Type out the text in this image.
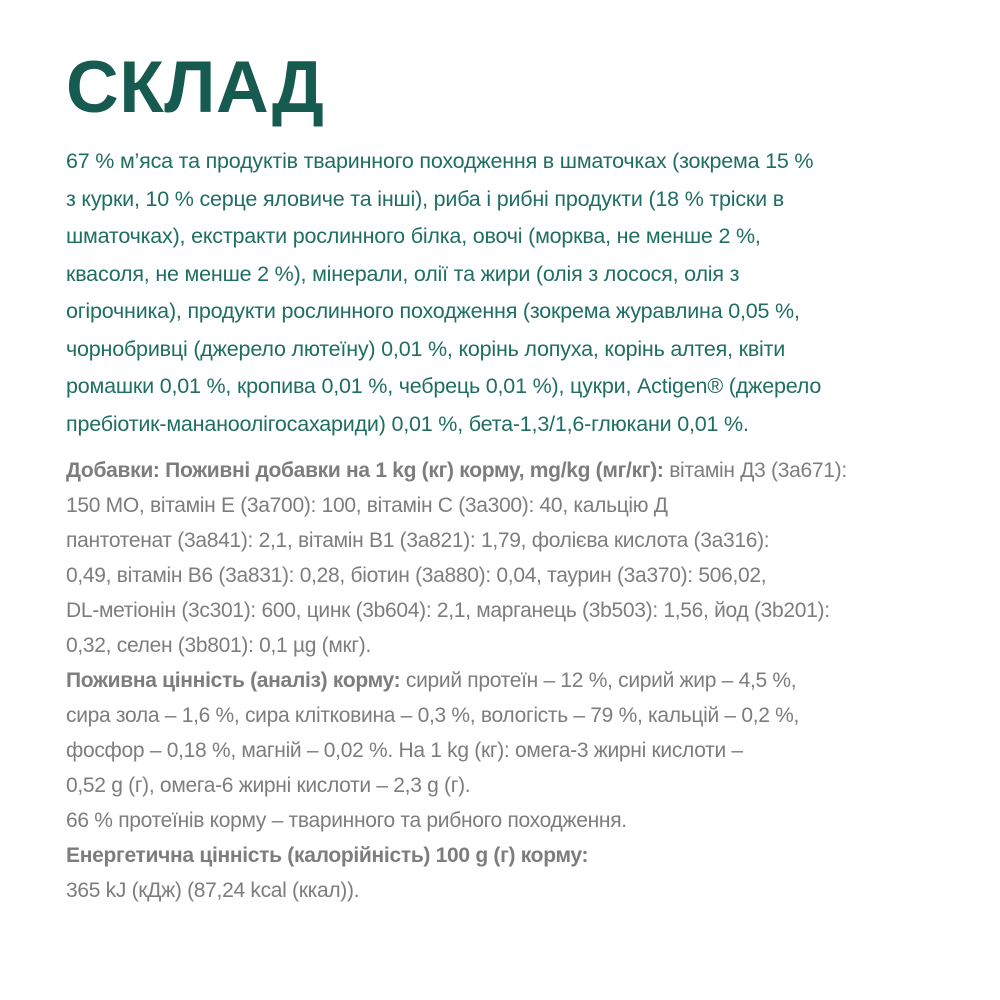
СКЛАД
67 % м’яса та продуктів тваринного походження в шматочках (зокрема 15 %
з курки, 10 % серце яловиче та інші), риба і рибні продукти (18 % тріски в
шматочках), екстракти рослинного білка, овочі (морква, не менше 2 %,
квасоля, не менше 2 %), мінерали, олії та жири (олія з лосося, олія з
огірочника), продукти рослинного походження (зокрема журавлина 0,05 %,
чорнобривці (джерело лютеїну) 0,01 %, корінь лопуха, корінь алтея, квіти
ромашки 0,01 %, кропива 0,01 %, чебрець 0,01 %), цукри, Actigen® (джерело
пребіотик-мананоолігосахариди) 0,01 %, бета-1,3/1,6-глюкани 0,01 %.
Добавки: Поживні добавки на 1 kg (кг) корму, mg/kg (мг/кг): вітамін Д3 (3a671):
150 МО, вітамін Е (3a700): 100, вітамін С (3a300): 40, кальцію Д
пантотенат (3a841): 2,1, вітамін В1 (3a821): 1,79, фолієва кислота (3a316):
0,49, вітамін В6 (3a831): 0,28, біотин (3a880): 0,04, таурин (3a370): 506,02,
DL-метіонін (3c301): 600, цинк (3b604): 2,1, марганець (3b503): 1,56, йод (3b201):
0,32, селен (3b801): 0,1 µg (мкг).
Поживна цінність (аналіз) корму: сирий протеїн – 12 %, сирий жир – 4,5 %,
сира зола – 1,6 %, сира клітковина – 0,3 %, вологість – 79 %, кальцій – 0,2 %,
фосфор – 0,18 %, магній – 0,02 %. На 1 kg (кг): омега-3 жирні кислоти –
0,52 g (г), омега-6 жирні кислоти – 2,3 g (г).
66 % протеїнів корму – тваринного та рибного походження.
Енергетична цінність (калорійність) 100 g (г) корму:
365 kJ (кДж) (87,24 kcal (ккал)).
